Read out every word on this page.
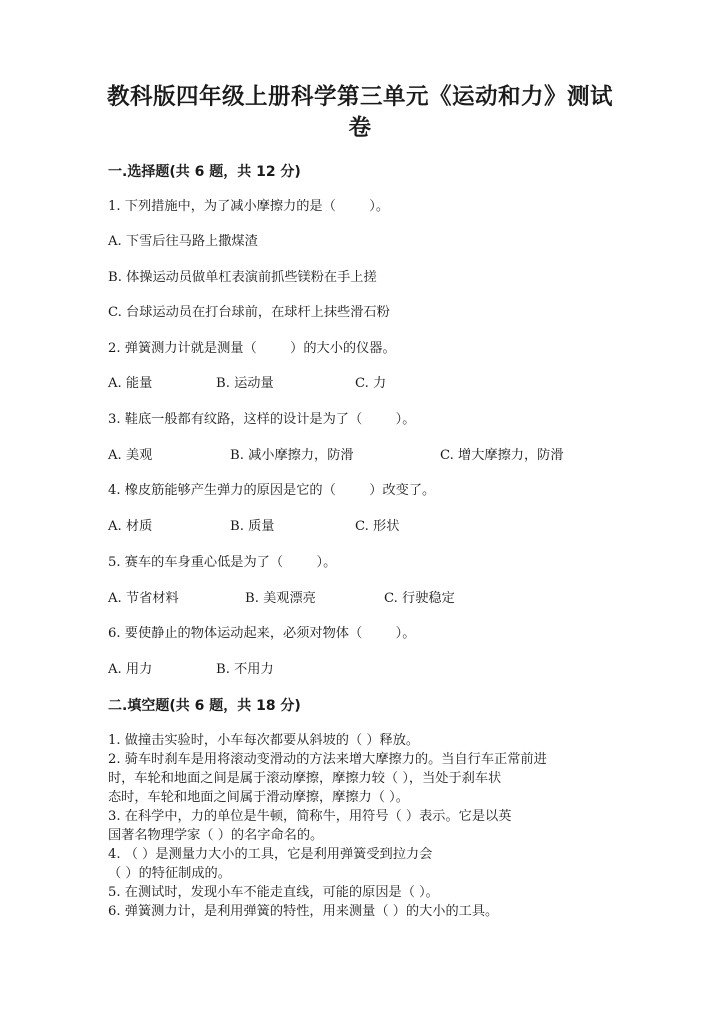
教科版四年级上册科学第三单元《运动和力》测试
卷
一.选择题(共 6 题，共 12 分)
1. 下列措施中，为了减小摩擦力的是（        ）。
A. 下雪后往马路上撒煤渣
B. 体操运动员做单杠表演前抓些镁粉在手上搓
C. 台球运动员在打台球前，在球杆上抹些滑石粉
2. 弹簧测力计就是测量（        ）的大小的仪器。
A. 能量	B. 运动量	C. 力
3. 鞋底一般都有纹路，这样的设计是为了（        ）。
A. 美观	B. 减小摩擦力，防滑	C. 增大摩擦力，防滑
4. 橡皮筋能够产生弹力的原因是它的（        ）改变了。
A. 材质	B. 质量	C. 形状
5. 赛车的车身重心低是为了（        ）。
A. 节省材料	B. 美观漂亮	C. 行驶稳定
6. 要使静止的物体运动起来，必须对物体（        ）。
A. 用力	B. 不用力
二.填空题(共 6 题，共 18 分)

1. 做撞击实验时，小车每次都要从斜坡的（ ）释放。

2. 骑车时刹车是用将滚动变滑动的方法来增大摩擦力的。当自行车正常前进

时，车轮和地面之间是属于滚动摩擦，摩擦力较（ ），当处于刹车状

态时，车轮和地面之间属于滑动摩擦，摩擦力（ ）。

3. 在科学中，力的单位是牛顿，简称牛，用符号（ ）表示。它是以英

国著名物理学家（ ）的名字命名的。

4. （ ）是测量力大小的工具，它是利用弹簧受到拉力会

（ ）的特征制成的。

5. 在测试时，发现小车不能走直线，可能的原因是（ ）。

6. 弹簧测力计，是利用弹簧的特性，用来测量（ ）的大小的工具。
